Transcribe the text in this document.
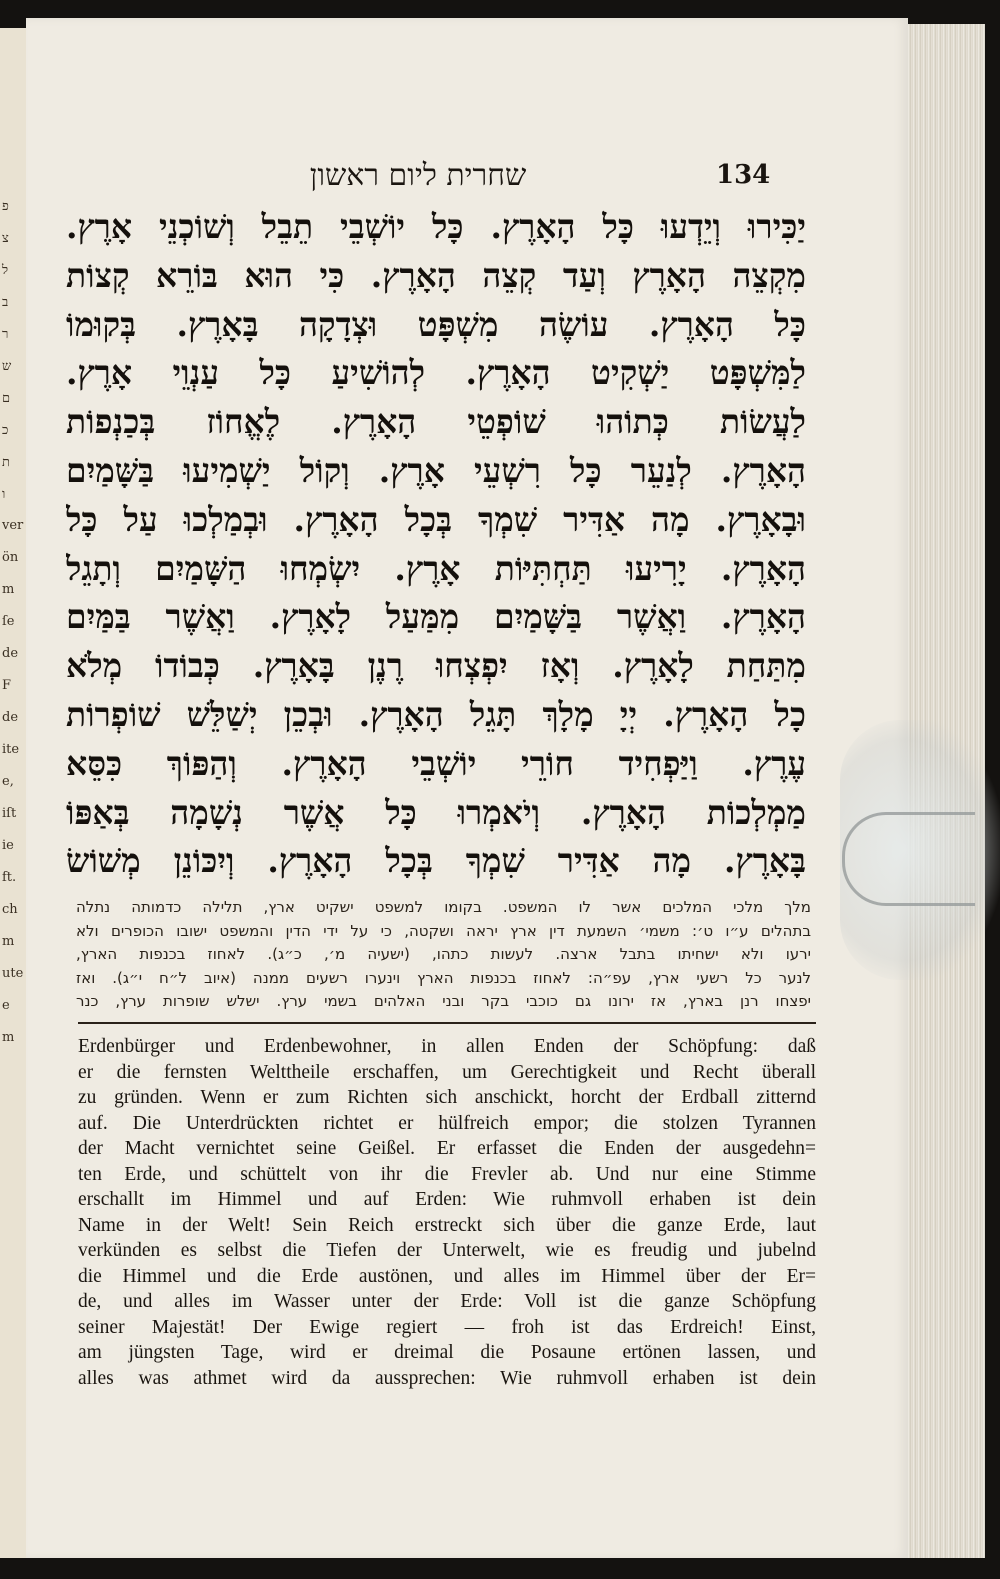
פ
צ
ל
ב
ר
ש
ם
כ
ת
ו
ver
ön
m
ſe
de
F
de
ite
e,
iſt
ie
ft.
ch
m
ute
e
m
שחרית ליום ראשון	134
יַכִּירוּ וְיֵדְעוּ כָּל הָאָרֶץ. כָּל יוֹשְׁבֵי תֵבֵל וְשׁוֹכְנֵי אָרֶץ.
מִקְצֵה הָאָרֶץ וְעַד קְצֵה הָאָרֶץ. כִּי הוּא בּוֹרֵא קְצוֹת
כָּל הָאָרֶץ. עוֹשֶׂה מִשְׁפָּט וּצְדָקָה בָּאָרֶץ. בְּקוּמוֹ
לַמִּשְׁפָּט יַשְׁקִיט הָאָרֶץ. לְהוֹשִׁיעַ כָּל עַנְוֵי אָרֶץ.
לַעֲשׂוֹת כְּתוֹהוּ שׁוֹפְטֵי הָאָרֶץ. לֶאֱחוֹז בְּכַנְפוֹת
הָאָרֶץ. לְנַעֵר כָּל רִשְׁעֵי אָרֶץ. וְקוֹל יַשְׁמִיעוּ בַּשָּׁמַיִם
וּבָאָרֶץ. מָה אַדִּיר שִׁמְךָ בְּכָל הָאָרֶץ. וּבְמַלְכוּ עַל כָּל
הָאָרֶץ. יָרִיעוּ תַּחְתִּיּוֹת אָרֶץ. יִשְׂמְחוּ הַשָּׁמַיִם וְתָגֵל
הָאָרֶץ. וַאֲשֶׁר בַּשָּׁמַיִם מִמַּעַל לָאָרֶץ. וַאֲשֶׁר בַּמַּיִם
מִתַּחַת לָאָרֶץ. וְאָז יִפְצְחוּ רֶנֶן בָּאָרֶץ. כְּבוֹדוֹ מְלֹא
כָל הָאָרֶץ. יְיָ מָלָךְ תָּגֵל הָאָרֶץ. וּבְכֵן יְשַׁלֵּשׁ שׁוֹפְרוֹת
עֶרֶץ. וַיַּפְחִיד חוֹרֵי יוֹשְׁבֵי הָאָרֶץ. וְהַפּוֹךְ כִּסֵּא
מַמְלְכוֹת הָאָרֶץ. וְיֹאמְרוּ כָּל אֲשֶׁר נְשָׁמָה בְּאַפּוֹ
בָּאָרֶץ. מָה אַדִּיר שִׁמְךָ בְּכָל הָאָרֶץ. וְיִכּוֹנֵן מְשׁוֹשׂ
מלך מלכי המלכים אשר לו המשפט. בקומו למשפט ישקיט ארץ, תלילה כדמותה נתלה
בתהלים ע״ו ט׳: משמי׳ השמעת דין ארץ יראה ושקטה, כי על ידי הדין והמשפט ישובו הכופרים ולא
ירעו ולא ישחיתו בתבל ארצה. לעשות כתהו, (ישעיה מ׳, כ״ג). לאחוז בכנפות הארץ,
לנער כל רשעי ארץ, עפ״ה: לאחוז בכנפות הארץ וינערו רשעים ממנה (איוב ל״ח י״ג). ואז
יפצחו רנן בארץ, אז ירונו גם כוכבי בקר ובני האלהים בשמי ערץ. ישלש שופרות ערץ, כנר
Erdenbürger und Erdenbewohner, in allen Enden der Schöpfung: daß
er die fernsten Welttheile erschaffen, um Gerechtigkeit und Recht überall
zu gründen. Wenn er zum Richten sich anschickt, horcht der Erdball zitternd
auf. Die Unterdrückten richtet er hülfreich empor; die stolzen Tyrannen
der Macht vernichtet seine Geißel. Er erfasset die Enden der ausgedehn=
ten Erde, und schüttelt von ihr die Frevler ab. Und nur eine Stimme
erschallt im Himmel und auf Erden: Wie ruhmvoll erhaben ist dein
Name in der Welt! Sein Reich erstreckt sich über die ganze Erde, laut
verkünden es selbst die Tiefen der Unterwelt, wie es freudig und jubelnd
die Himmel und die Erde austönen, und alles im Himmel über der Er=
de, und alles im Wasser unter der Erde: Voll ist die ganze Schöpfung
seiner Majestät! Der Ewige regiert — froh ist das Erdreich! Einst,
am jüngsten Tage, wird er dreimal die Posaune ertönen lassen, und
alles was athmet wird da aussprechen: Wie ruhmvoll erhaben ist dein
